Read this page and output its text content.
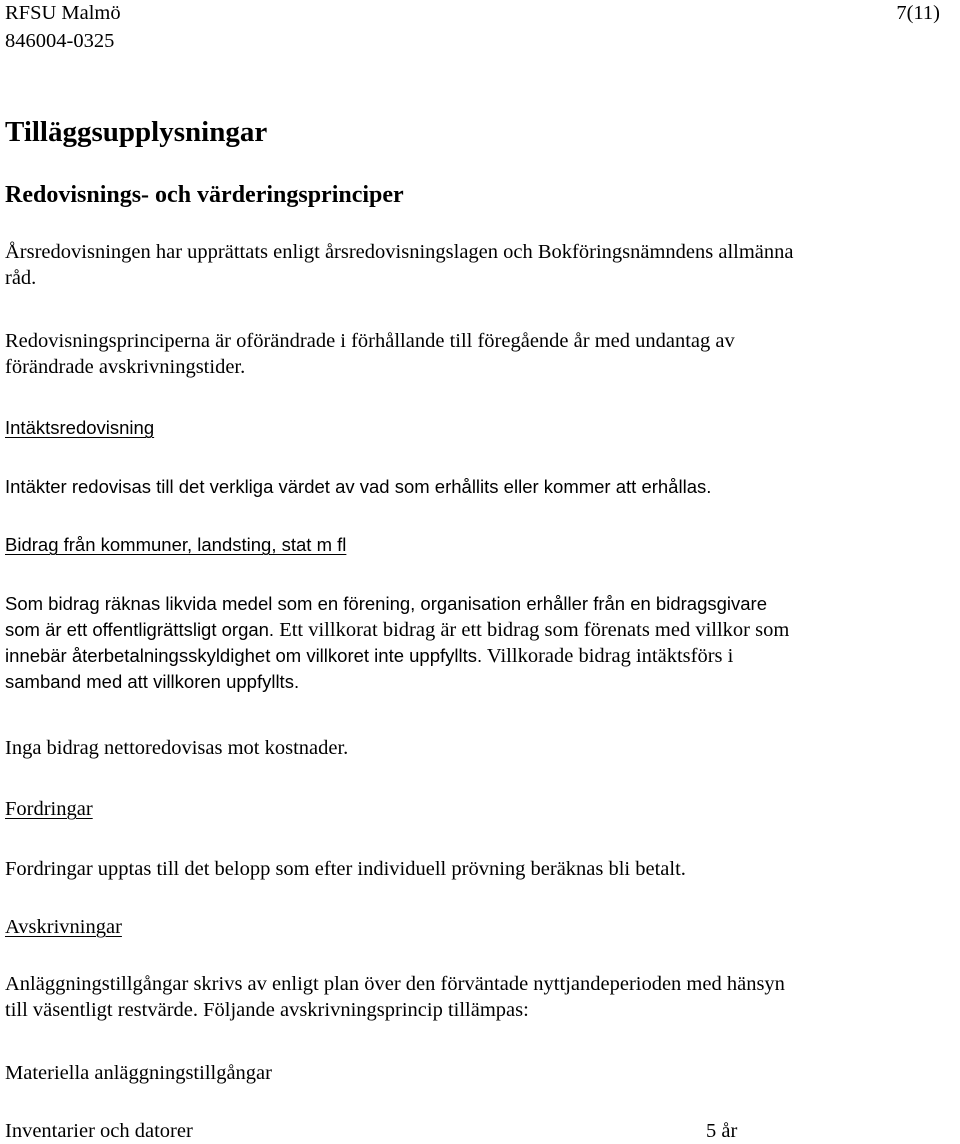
RFSU Malmö
846004-0325
7(11)
Tilläggsupplysningar
Redovisnings- och värderingsprinciper
Årsredovisningen har upprättats enligt årsredovisningslagen och Bokföringsnämndens allmänna
råd.
Redovisningsprinciperna är oförändrade i förhållande till föregående år med undantag av
förändrade avskrivningstider.
Intäktsredovisning
Intäkter redovisas till det verkliga värdet av vad som erhållits eller kommer att erhållas.
Bidrag från kommuner, landsting, stat m fl
Som bidrag räknas likvida medel som en förening, organisation erhåller från en bidragsgivare
som är ett offentligrättsligt organ. Ett villkorat bidrag är ett bidrag som förenats med villkor som
innebär återbetalningsskyldighet om villkoret inte uppfyllts. Villkorade bidrag intäktsförs i
samband med att villkoren uppfyllts.
Inga bidrag nettoredovisas mot kostnader.
Fordringar
Fordringar upptas till det belopp som efter individuell prövning beräknas bli betalt.
Avskrivningar
Anläggningstillgångar skrivs av enligt plan över den förväntade nyttjandeperioden med hänsyn
till väsentligt restvärde. Följande avskrivningsprincip tillämpas:
Materiella anläggningstillgångar
Inventarier och datorer	5 år
